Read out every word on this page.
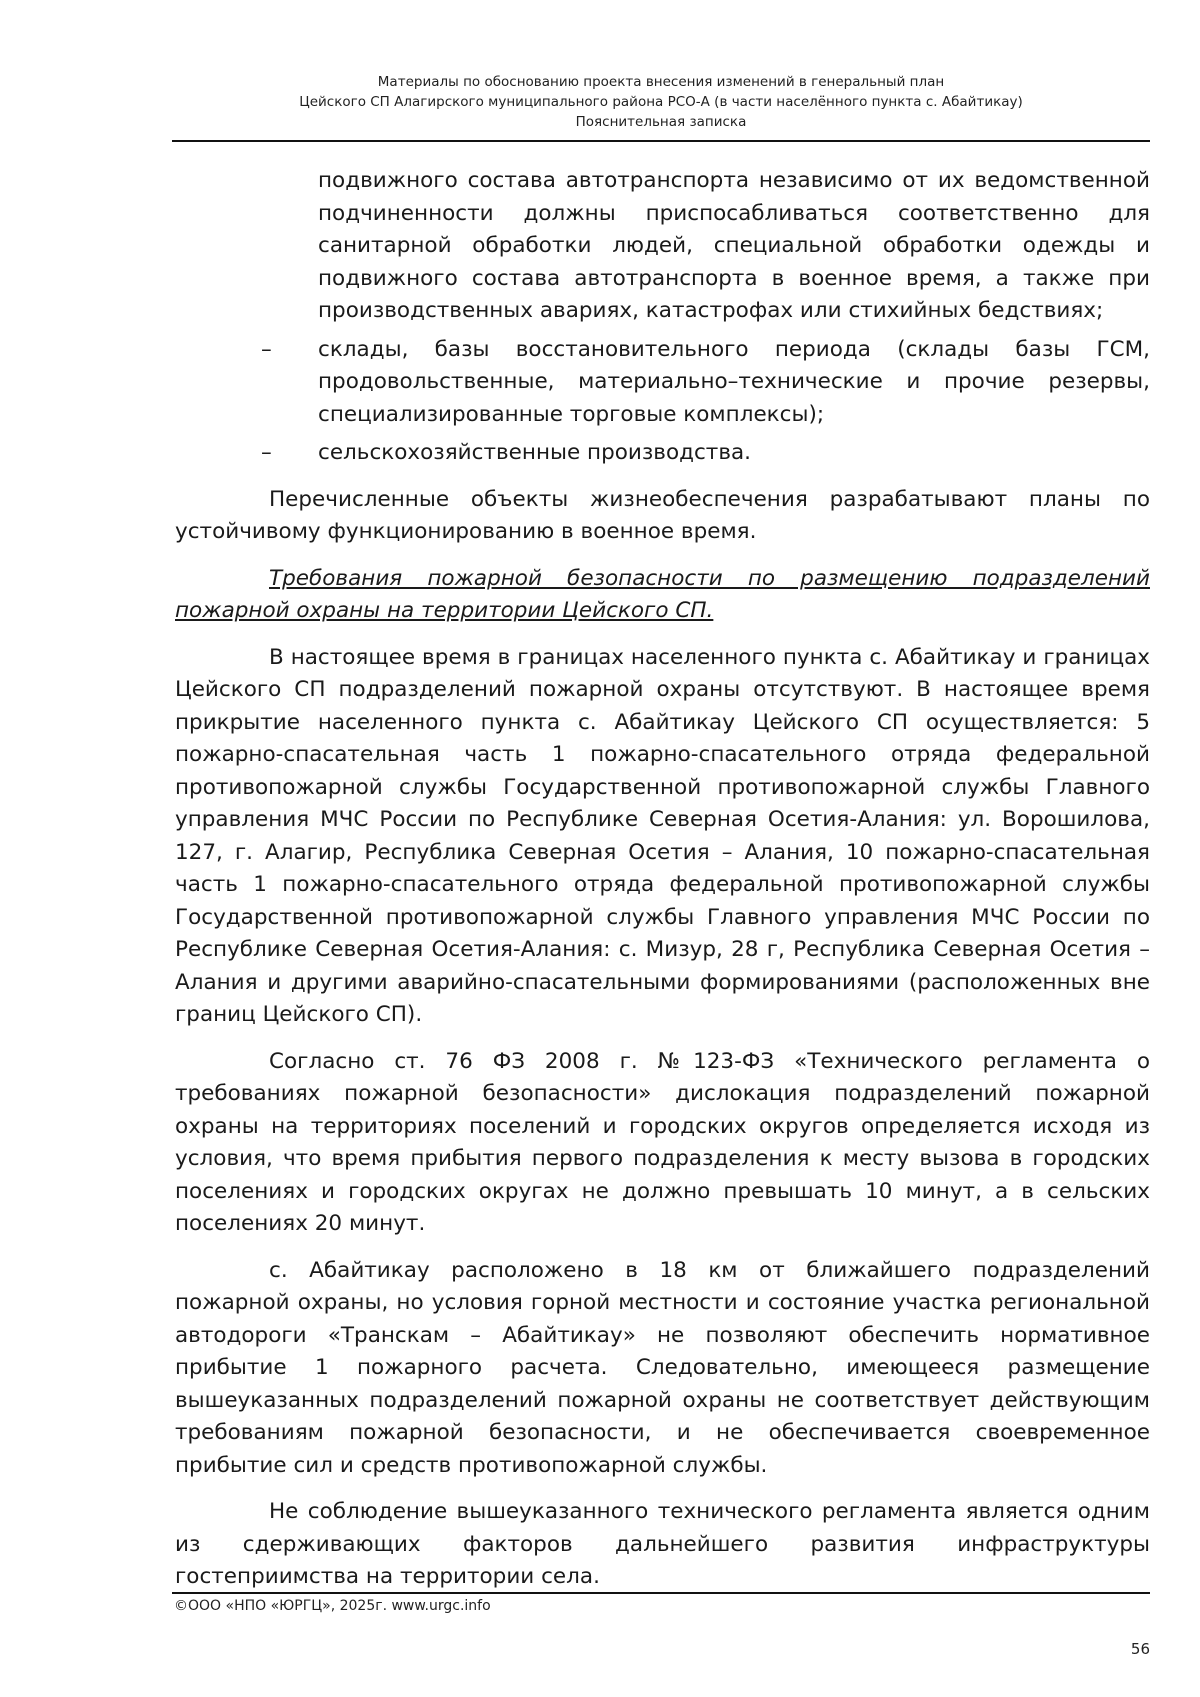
Материалы по обоснованию проекта внесения изменений в генеральный план
Цейского СП Алагирского муниципального района РСО-А (в части населённого пункта с. Абайтикау)
Пояснительная записка

подвижного состава автотранспорта независимо от их ведомственной подчиненности должны приспосабливаться соответственно для санитарной обработки людей, специальной обработки одежды и подвижного состава автотранспорта в военное время, а также при производственных авариях, катастрофах или стихийных бедствиях;

– склады, базы восстановительного периода (склады базы ГСМ, продовольственные, материально–технические и прочие резервы, специализированные торговые комплексы);

– сельскохозяйственные производства.

Перечисленные объекты жизнеобеспечения разрабатывают планы по устойчивому функционированию в военное время.

Требования пожарной безопасности по размещению подразделений пожарной охраны на территории Цейского СП.

В настоящее время в границах населенного пункта с. Абайтикау и границах Цейского СП подразделений пожарной охраны отсутствуют. В настоящее время прикрытие населенного пункта с. Абайтикау Цейского СП осуществляется: 5 пожарно-спасательная часть 1 пожарно-спасательного отряда федеральной противопожарной службы Государственной противопожарной службы Главного управления МЧС России по Республике Северная Осетия-Алания: ул. Ворошилова, 127, г. Алагир, Республика Северная Осетия – Алания, 10 пожарно-спасательная часть 1 пожарно-спасательного отряда федеральной противопожарной службы Государственной противопожарной службы Главного управления МЧС России по Республике Северная Осетия-Алания: с. Мизур, 28 г, Республика Северная Осетия – Алания и другими аварийно-спасательными формированиями (расположенных вне границ Цейского СП).

Согласно ст. 76 ФЗ 2008 г. №123-ФЗ «Технического регламента о требованиях пожарной безопасности» дислокация подразделений пожарной охраны на территориях поселений и городских округов определяется исходя из условия, что время прибытия первого подразделения к месту вызова в городских поселениях и городских округах не должно превышать 10 минут, а в сельских поселениях 20 минут.

с. Абайтикау расположено в 18 км от ближайшего подразделений пожарной охраны, но условия горной местности и состояние участка региональной автодороги «Транскам – Абайтикау» не позволяют обеспечить нормативное прибытие 1 пожарного расчета. Следовательно, имеющееся размещение вышеуказанных подразделений пожарной охраны не соответствует действующим требованиям пожарной безопасности, и не обеспечивается своевременное прибытие сил и средств противопожарной службы.

Не соблюдение вышеуказанного технического регламента является одним из сдерживающих факторов дальнейшего развития инфраструктуры гостеприимства на территории села.

©ООО «НПО «ЮРГЦ», 2025г. www.urgc.info
56
